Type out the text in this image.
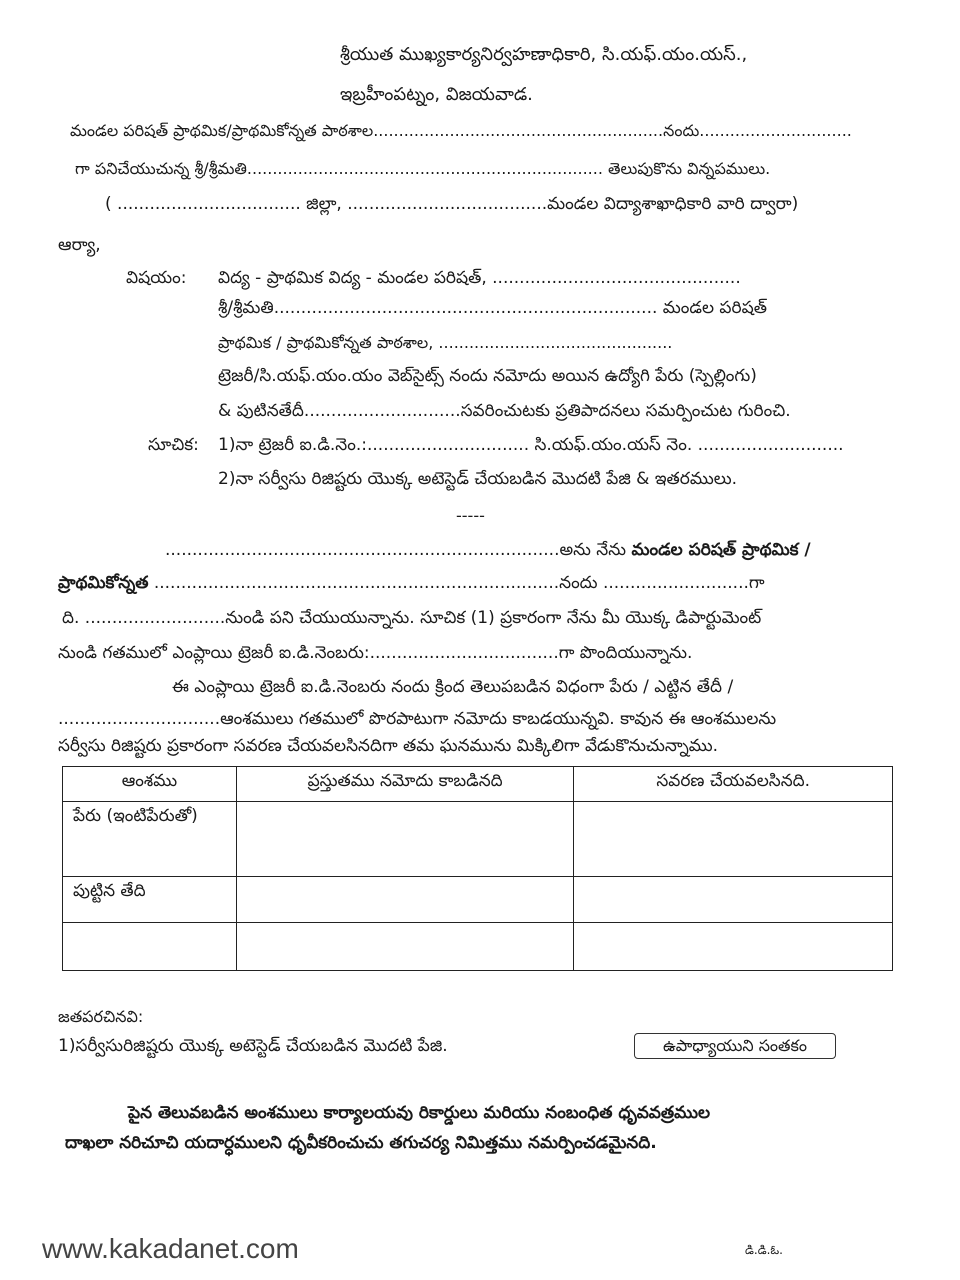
శ్రీయుత ముఖ్యకార్యనిర్వహణాధికారి, సి.యఫ్.యం.యస్.,
ఇబ్రహీంపట్నం, విజయవాడ.
మండల పరిషత్ ప్రాథమిక/ప్రాథమికోన్నత పాఠశాల.........................................................నందు..............................
గా పనిచేయుచున్న శ్రీ/శ్రీమతి...................................................................... తెలుపుకొను విన్నపములు.
( .................................. జిల్లా, .....................................మండల విద్యాశాఖాధికారి వారి ద్వారా)
ఆర్యా,
విషయం: విద్య - ప్రాథమిక విద్య - మండల పరిషత్, ..............................................
శ్రీ/శ్రీమతి....................................................................... మండల పరిషత్
ప్రాథమిక / ప్రాథమికోన్నత పాఠశాల, ..............................................
ట్రెజరీ/సి.యఫ్.యం.యం వెబ్‌సైట్స్ నందు నమోదు అయిన ఉద్యోగి పేరు (స్పెల్లింగు)
& పుటినతేదీ.............................సవరించుటకు ప్రతిపాదనలు సమర్పించుట గురించి.
సూచిక: 1)నా ట్రెజరీ ఐ.డి.నెం.:.............................. సి.యఫ్.యం.యస్ నెం. ...........................
2)నా సర్వీసు రిజిష్టరు యొక్క అటెస్టెడ్ చేయబడిన మొదటి పేజి & ఇతరములు.
-----
.........................................................................అను నేను మండల పరిషత్ ప్రాథమిక /
ప్రాథమికోన్నత ...........................................................................నందు ...........................గా
ది. ..........................నుండి పని చేయుయున్నాను. సూచిక (1) ప్రకారంగా నేను మీ యొక్క డిపార్టుమెంట్
నుండి గతములో ఎంప్లాయి ట్రెజరీ ఐ.డి.నెంబరు:...................................గా పొందియున్నాను.
ఈ ఎంప్లాయి ట్రెజరీ ఐ.డి.నెంబరు నందు క్రింద తెలుపబడిన విధంగా పేరు / ఎట్టిన తేదీ /
..............................ఆంశములు గతములో పొరపాటుగా నమోదు కాబడయున్నవి. కావున ఈ ఆంశములను
సర్వీసు రిజిష్టరు ప్రకారంగా సవరణ చేయవలసినదిగా తమ ఘనమును మిక్కిలిగా వేడుకొనుచున్నాము.
ఆంశము	ప్రస్తుతము నమోదు కాబడినది	సవరణ చేయవలసినది.
పేరు (ఇంటిపేరుతో)		
పుట్టిన తేది		

జతపరచినవి:
1)సర్వీసురిజిష్టరు యొక్క అటెస్టెడ్ చేయబడిన మొదటి పేజి.	ఉపాధ్యాయుని సంతకం
పైన తెలువబడిన అంశములు కార్యాలయవు రికార్డులు మరియు నంబంధిత ధృవవత్రముల
దాఖలా నరిచూచి యదార్ధములని ధృవీకరించుచు తగుచర్య నిమిత్తము నమర్పించడమైనది.
www.kakadanet.com	డి.డి.ఓ.
